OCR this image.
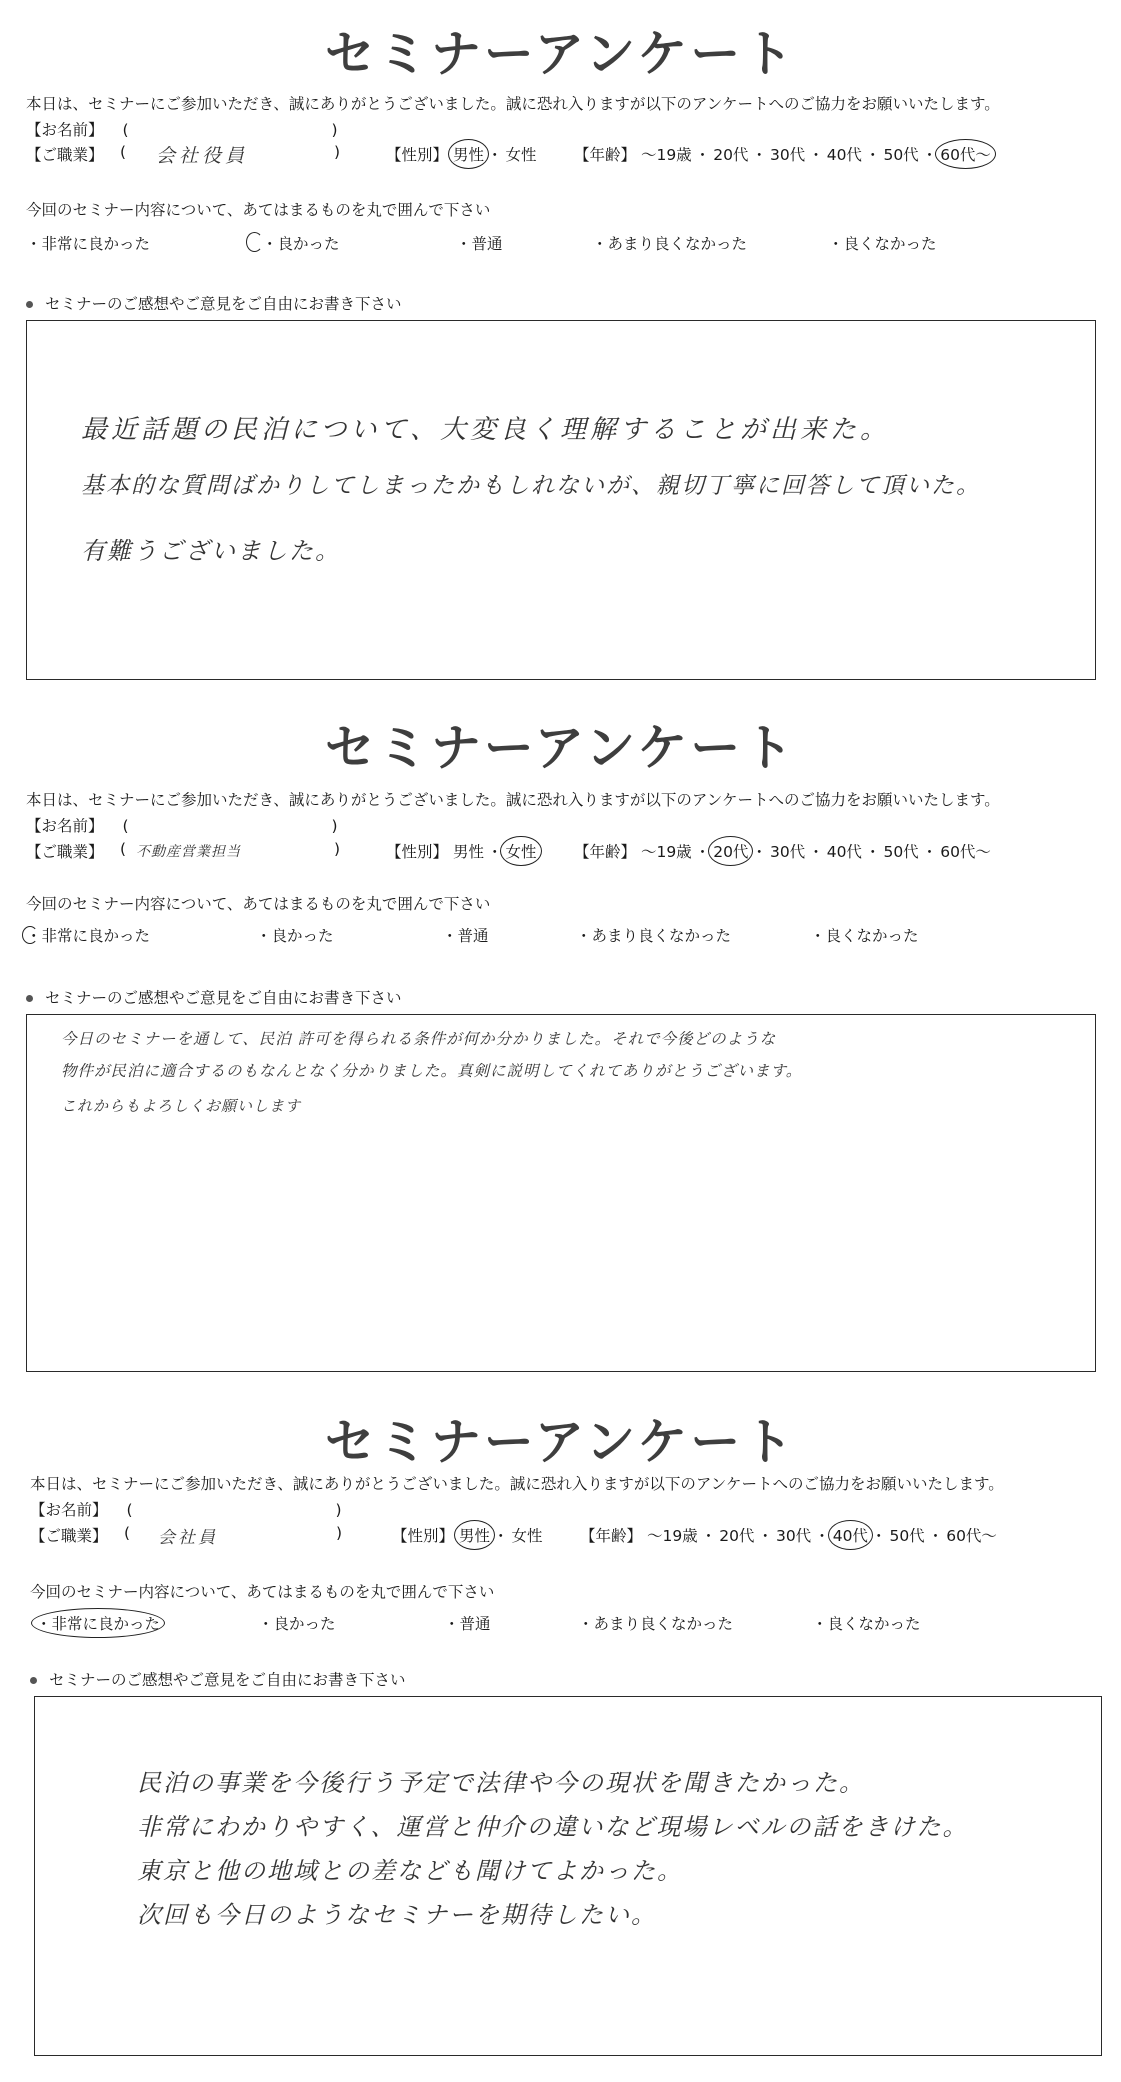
セミナーアンケート
本日は、セミナーにご参加いただき、誠にありがとうございました。誠に恐れ入りますが以下のアンケートへのご協力をお願いいたします。
【お名前】 (	)
【ご職業】 ( 会社役員	)	【性別】 男性 ・ 女性 【年齢】 ～19歳 ・ 20代 ・ 30代 ・ 40代 ・ 50代 ・ 60代～
今回のセミナー内容について、あてはまるものを丸で囲んで下さい
・非常に良かった	・良かった	・普通	・あまり良くなかった	・良くなかった
セミナーのご感想やご意見をご自由にお書き下さい
最近話題の民泊について、大変良く理解することが出来た。
基本的な質問ばかりしてしまったかもしれないが、親切丁寧に回答して頂いた。
有難うございました。
セミナーアンケート
本日は、セミナーにご参加いただき、誠にありがとうございました。誠に恐れ入りますが以下のアンケートへのご協力をお願いいたします。
【お名前】 (	)
【ご職業】 ( 不動産営業担当	)	【性別】 男性 ・ 女性 【年齢】 ～19歳 ・ 20代 ・ 30代 ・ 40代 ・ 50代 ・ 60代～
今回のセミナー内容について、あてはまるものを丸で囲んで下さい
・非常に良かった	・良かった	・普通	・あまり良くなかった	・良くなかった
セミナーのご感想やご意見をご自由にお書き下さい
今日のセミナーを通して、民泊 許可を得られる条件が何か分かりました。それで今後どのような
物件が民泊に適合するのもなんとなく分かりました。真剣に説明してくれてありがとうございます。
これからもよろしくお願いします
セミナーアンケート
本日は、セミナーにご参加いただき、誠にありがとうございました。誠に恐れ入りますが以下のアンケートへのご協力をお願いいたします。
【お名前】 (	)
【ご職業】 ( 会社員	)	【性別】 男性 ・ 女性 【年齢】 ～19歳 ・ 20代 ・ 30代 ・ 40代 ・ 50代 ・ 60代～
今回のセミナー内容について、あてはまるものを丸で囲んで下さい
・非常に良かった	・良かった	・普通	・あまり良くなかった	・良くなかった
セミナーのご感想やご意見をご自由にお書き下さい
民泊の事業を今後行う予定で法律や今の現状を聞きたかった。
非常にわかりやすく、運営と仲介の違いなど現場レベルの話をきけた。
東京と他の地域との差なども聞けてよかった。
次回も今日のようなセミナーを期待したい。
